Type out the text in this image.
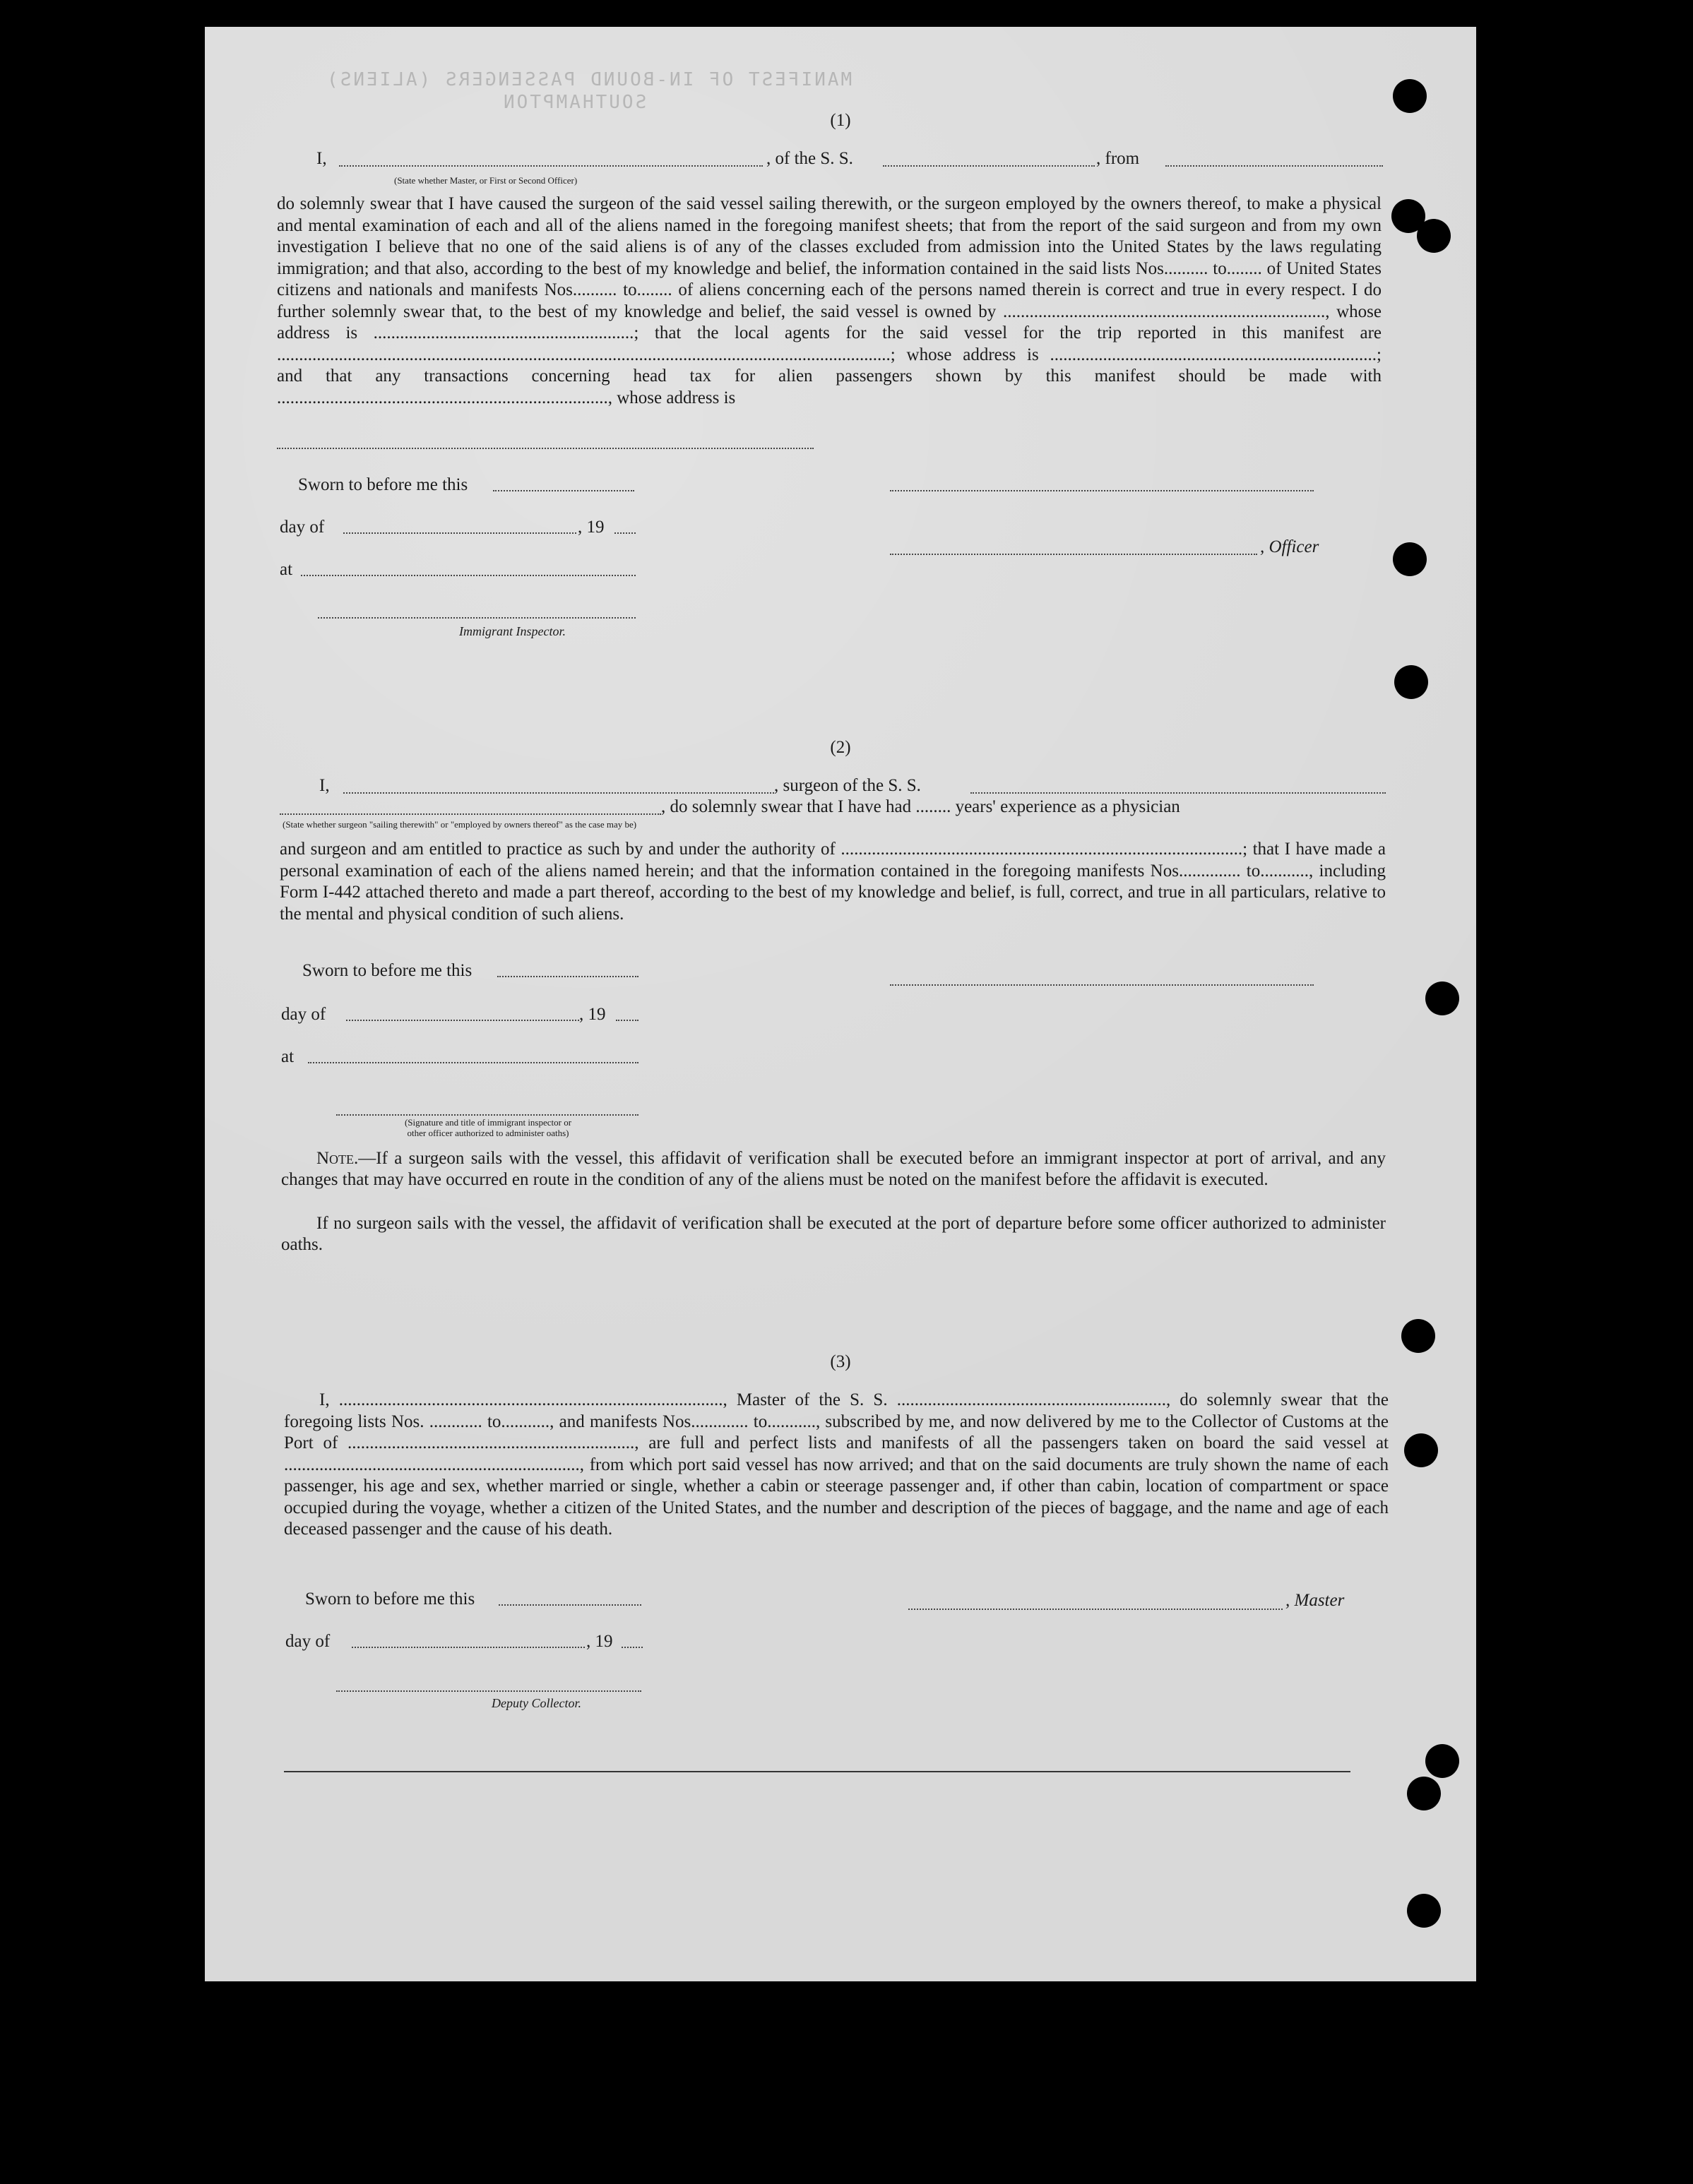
MANIFEST OF IN-BOUND PASSENGERS (ALIENS)
SOUTHAMPTON
(1)
I,	, of the S. S.	, from
(State whether Master, or First or Second Officer)
do solemnly swear that I have caused the surgeon of the said vessel sailing therewith, or the surgeon employed by the owners thereof, to make a physical and mental examination of each and all of the aliens named in the foregoing manifest sheets; that from the report of the said surgeon and from my own investigation I believe that no one of the said aliens is of any of the classes excluded from admission into the United States by the laws regulating immigration; and that also, according to the best of my knowledge and belief, the information contained in the said lists Nos.......... to........ of United States citizens and nationals and manifests Nos.......... to........ of aliens concerning each of the persons named therein is correct and true in every respect. I do further solemnly swear that, to the best of my knowledge and belief, the said vessel is owned by ........................................................................., whose address is ...........................................................; that the local agents for the said vessel for the trip reported in this manifest are ...........................................................................................................................................; whose address is ..........................................................................; and that any transactions concerning head tax for alien passengers shown by this manifest should be made with ..........................................................................., whose address is
Sworn to before me this
day of	, 19
at
Immigrant Inspector.
, Officer
(2)
I,	, surgeon of the S. S.
, do solemnly swear that I have had ........ years' experience as a physician
(State whether surgeon "sailing therewith" or "employed by owners thereof" as the case may be)
and surgeon and am entitled to practice as such by and under the authority of ...........................................................................................; that I have made a personal examination of each of the aliens named herein; and that the information contained in the foregoing manifests Nos.............. to..........., including Form I-442 attached thereto and made a part thereof, according to the best of my knowledge and belief, is full, correct, and true in all particulars, relative to the mental and physical condition of such aliens.
Sworn to before me this
day of	, 19
at
(Signature and title of immigrant inspector or
other officer authorized to administer oaths)
Note.—If a surgeon sails with the vessel, this affidavit of verification shall be executed before an immigrant inspector at port of arrival, and any changes that may have occurred en route in the condition of any of the aliens must be noted on the manifest before the affidavit is executed.
If no surgeon sails with the vessel, the affidavit of verification shall be executed at the port of departure before some officer authorized to administer oaths.
(3)
I, ......................................................................................., Master of the S. S. ............................................................., do solemnly swear that the foregoing lists Nos. ............ to..........., and manifests Nos............. to..........., subscribed by me, and now delivered by me to the Collector of Customs at the Port of ................................................................., are full and perfect lists and manifests of all the passengers taken on board the said vessel at ..................................................................., from which port said vessel has now arrived; and that on the said documents are truly shown the name of each passenger, his age and sex, whether married or single, whether a cabin or steerage passenger and, if other than cabin, location of compartment or space occupied during the voyage, whether a citizen of the United States, and the number and description of the pieces of baggage, and the name and age of each deceased passenger and the cause of his death.
Sworn to before me this
day of	, 19
Deputy Collector.
, Master
